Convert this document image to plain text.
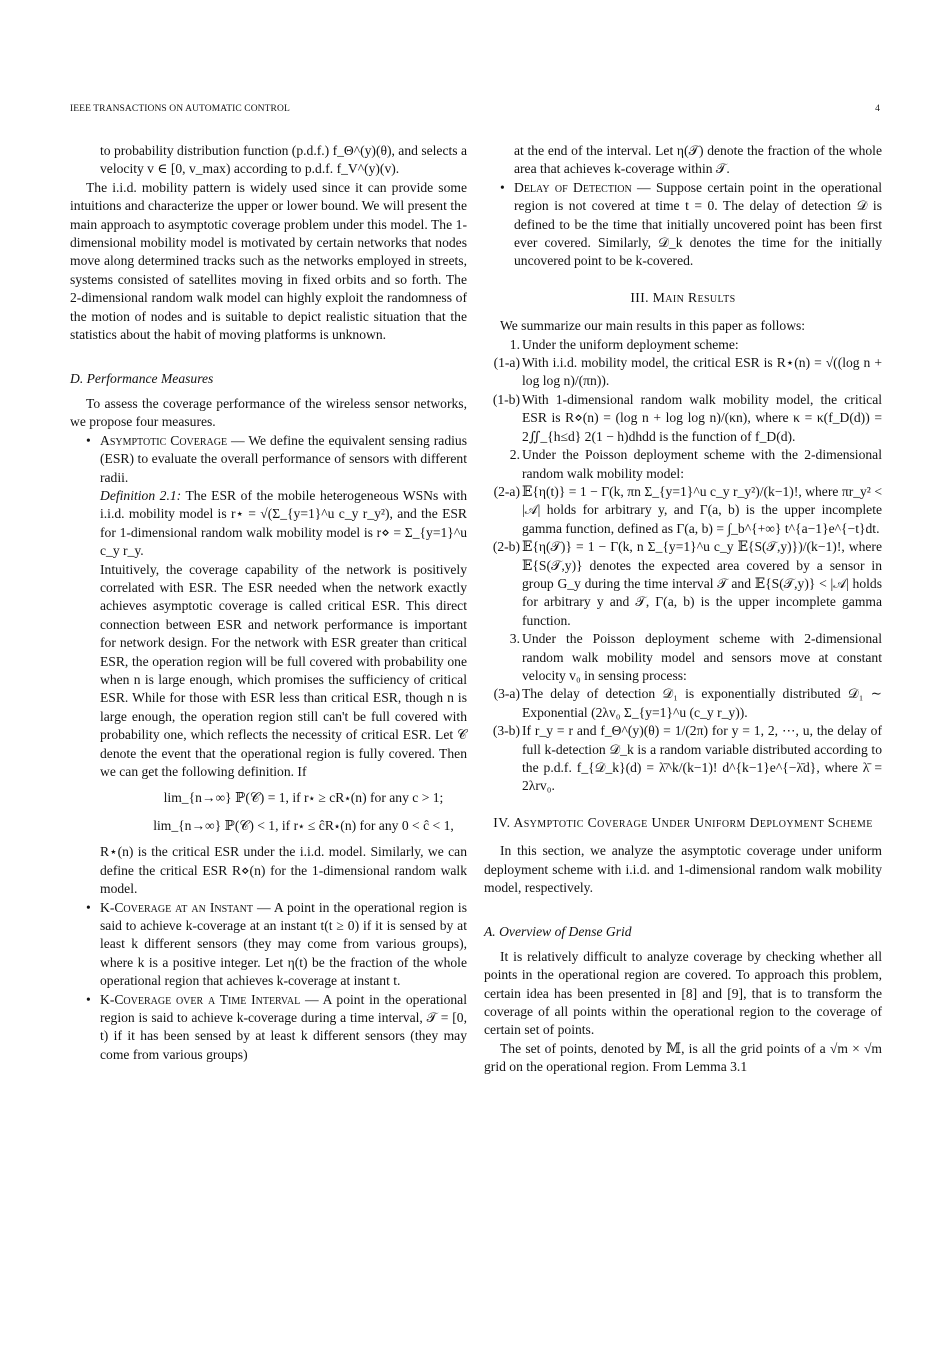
IEEE TRANSACTIONS ON AUTOMATIC CONTROL	4

to probability distribution function (p.d.f.) f_Θ^(y)(θ), and selects a velocity v ∈ [0, v_max) according to p.d.f. f_V^(y)(v).

The i.i.d. mobility pattern is widely used since it can provide some intuitions and characterize the upper or lower bound. We will present the main approach to asymptotic coverage problem under this model. The 1-dimensional mobility model is motivated by certain networks that nodes move along determined tracks such as the networks employed in streets, systems consisted of satellites moving in fixed orbits and so forth. The 2-dimensional random walk model can highly exploit the randomness of the motion of nodes and is suitable to depict realistic situation that the statistics about the habit of moving platforms is unknown.

D. Performance Measures

To assess the coverage performance of the wireless sensor networks, we propose four measures.

• Asymptotic Coverage — We define the equivalent sensing radius (ESR) to evaluate the overall performance of sensors with different radii.
Definition 2.1: The ESR of the mobile heterogeneous WSNs with i.i.d. mobility model is r⋆ = √(Σ_{y=1}^u c_y r_y²), and the ESR for 1-dimensional random walk mobility model is r⋄ = Σ_{y=1}^u c_y r_y.
Intuitively, the coverage capability of the network is positively correlated with ESR. The ESR needed when the network exactly achieves asymptotic coverage is called critical ESR. This direct connection between ESR and network performance is important for network design. For the network with ESR greater than critical ESR, the operation region will be full covered with probability one when n is large enough, which promises the sufficiency of critical ESR. While for those with ESR less than critical ESR, though n is large enough, the operation region still can't be full covered with probability one, which reflects the necessity of critical ESR. Let 𝒞 denote the event that the operational region is fully covered. Then we can get the following definition. If
lim_{n→∞} ℙ(𝒞) = 1, if r⋆ ≥ cR⋆(n) for any c > 1;
lim_{n→∞} ℙ(𝒞) < 1, if r⋆ ≤ ĉR⋆(n) for any 0 < ĉ < 1,
R⋆(n) is the critical ESR under the i.i.d. model. Similarly, we can define the critical ESR R⋄(n) for the 1-dimensional random walk model.
• K-Coverage at an Instant — A point in the operational region is said to achieve k-coverage at an instant t(t ≥ 0) if it is sensed by at least k different sensors (they may come from various groups), where k is a positive integer. Let η(t) be the fraction of the whole operational region that achieves k-coverage at instant t.
• K-Coverage over a Time Interval — A point in the operational region is said to achieve k-coverage during a time interval, 𝒯 = [0, t) if it has been sensed by at least k different sensors (they may come from various groups)

at the end of the interval. Let η(𝒯) denote the fraction of the whole area that achieves k-coverage within 𝒯.

• Delay of Detection — Suppose certain point in the operational region is not covered at time t = 0. The delay of detection 𝒟 is defined to be the time that initially uncovered point has been first ever covered. Similarly, 𝒟_k denotes the time for the initially uncovered point to be k-covered.

III. Main Results

We summarize our main results in this paper as follows:

1. Under the uniform deployment scheme:
(1-a) With i.i.d. mobility model, the critical ESR is R⋆(n) = √((log n + log log n)/(πn)).
(1-b) With 1-dimensional random walk mobility model, the critical ESR is R⋄(n) = (log n + log log n)/(κn), where κ = κ(f_D(d)) = 2∬_{h≤d} 2(1 − h)dhdd is the function of f_D(d).
2. Under the Poisson deployment scheme with the 2-dimensional random walk mobility model:
(2-a) 𝔼{η(t)} = 1 − Γ(k, πn Σ_{y=1}^u c_y r_y²)/(k−1)!, where πr_y² < |𝒜| holds for arbitrary y, and Γ(a, b) is the upper incomplete gamma function, defined as Γ(a, b) = ∫_b^{+∞} t^{a−1}e^{−t}dt.
(2-b) 𝔼{η(𝒯)} = 1 − Γ(k, n Σ_{y=1}^u c_y 𝔼{S(𝒯,y)})/(k−1)!, where 𝔼{S(𝒯,y)} denotes the expected area covered by a sensor in group G_y during the time interval 𝒯 and 𝔼{S(𝒯,y)} < |𝒜| holds for arbitrary y and 𝒯, Γ(a, b) is the upper incomplete gamma function.
3. Under the Poisson deployment scheme with 2-dimensional random walk mobility model and sensors move at constant velocity v₀ in sensing process:
(3-a) The delay of detection 𝒟₁ is exponentially distributed 𝒟₁ ∼ Exponential (2λv₀ Σ_{y=1}^u (c_y r_y)).
(3-b) If r_y = r and f_Θ^(y)(θ) = 1/(2π) for y = 1, 2, ⋯, u, the delay of full k-detection 𝒟_k is a random variable distributed according to the p.d.f. f_{𝒟_k}(d) = λ̄^k/(k−1)! d^{k−1}e^{−λ̄d}, where λ̄ = 2λrv₀.

IV. Asymptotic Coverage Under Uniform Deployment Scheme

In this section, we analyze the asymptotic coverage under uniform deployment scheme with i.i.d. and 1-dimensional random walk mobility model, respectively.

A. Overview of Dense Grid

It is relatively difficult to analyze coverage by checking whether all points in the operational region are covered. To approach this problem, certain idea has been presented in [8] and [9], that is to transform the coverage of all points within the operational region to the coverage of certain set of points.

The set of points, denoted by 𝕄, is all the grid points of a √m × √m grid on the operational region. From Lemma 3.1
